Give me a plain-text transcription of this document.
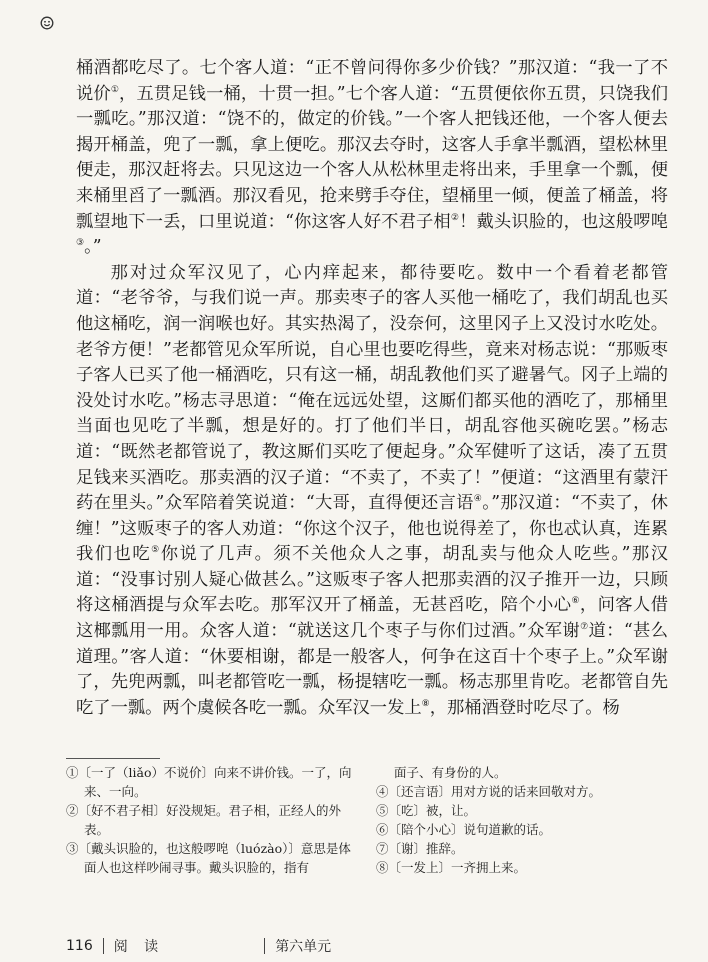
桶酒都吃尽了。七个客人道：“正不曾问得你多少价钱？”那汉道：“我一了不说价①，五贯足钱一桶，十贯一担。”七个客人道：“五贯便依你五贯，只饶我们一瓢吃。”那汉道：“饶不的，做定的价钱。”一个客人把钱还他，一个客人便去揭开桶盖，兜了一瓢，拿上便吃。那汉去夺时，这客人手拿半瓢酒，望松林里便走，那汉赶将去。只见这边一个客人从松林里走将出来，手里拿一个瓢，便来桶里舀了一瓢酒。那汉看见，抢来劈手夺住，望桶里一倾，便盖了桶盖，将瓢望地下一丢，口里说道：“你这客人好不君子相②！戴头识脸的，也这般啰唣③。”

那对过众军汉见了，心内痒起来，都待要吃。数中一个看着老都管道：“老爷爷，与我们说一声。那卖枣子的客人买他一桶吃了，我们胡乱也买他这桶吃，润一润喉也好。其实热渴了，没奈何，这里冈子上又没讨水吃处。老爷方便！”老都管见众军所说，自心里也要吃得些，竟来对杨志说：“那贩枣子客人已买了他一桶酒吃，只有这一桶，胡乱教他们买了避暑气。冈子上端的没处讨水吃。”杨志寻思道：“俺在远远处望，这厮们都买他的酒吃了，那桶里当面也见吃了半瓢，想是好的。打了他们半日，胡乱容他买碗吃罢。”杨志道：“既然老都管说了，教这厮们买吃了便起身。”众军健听了这话，凑了五贯足钱来买酒吃。那卖酒的汉子道：“不卖了，不卖了！”便道：“这酒里有蒙汗药在里头。”众军陪着笑说道：“大哥，直得便还言语④。”那汉道：“不卖了，休缠！”这贩枣子的客人劝道：“你这个汉子，他也说得差了，你也忒认真，连累我们也吃⑤你说了几声。须不关他众人之事，胡乱卖与他众人吃些。”那汉道：“没事讨别人疑心做甚么。”这贩枣子客人把那卖酒的汉子推开一边，只顾将这桶酒提与众军去吃。那军汉开了桶盖，无甚舀吃，陪个小心⑥，问客人借这椰瓢用一用。众客人道：“就送这几个枣子与你们过酒。”众军谢⑦道：“甚么道理。”客人道：“休要相谢，都是一般客人，何争在这百十个枣子上。”众军谢了，先兜两瓢，叫老都管吃一瓢，杨提辖吃一瓢。杨志那里肯吃。老都管自先吃了一瓢。两个虞候各吃一瓢。众军汉一发上⑧，那桶酒登时吃尽了。杨

①〔一了（liǎo）不说价〕向来不讲价钱。一了，向来、一向。
②〔好不君子相〕好没规矩。君子相，正经人的外表。
③〔戴头识脸的，也这般啰唣（luózào）〕意思是体面人也这样吵闹寻事。戴头识脸的，指有
面子、有身份的人。
④〔还言语〕用对方说的话来回敬对方。
⑤〔吃〕被，让。
⑥〔陪个小心〕说句道歉的话。
⑦〔谢〕推辞。
⑧〔一发上〕一齐拥上来。
116 阅 读	第六单元
